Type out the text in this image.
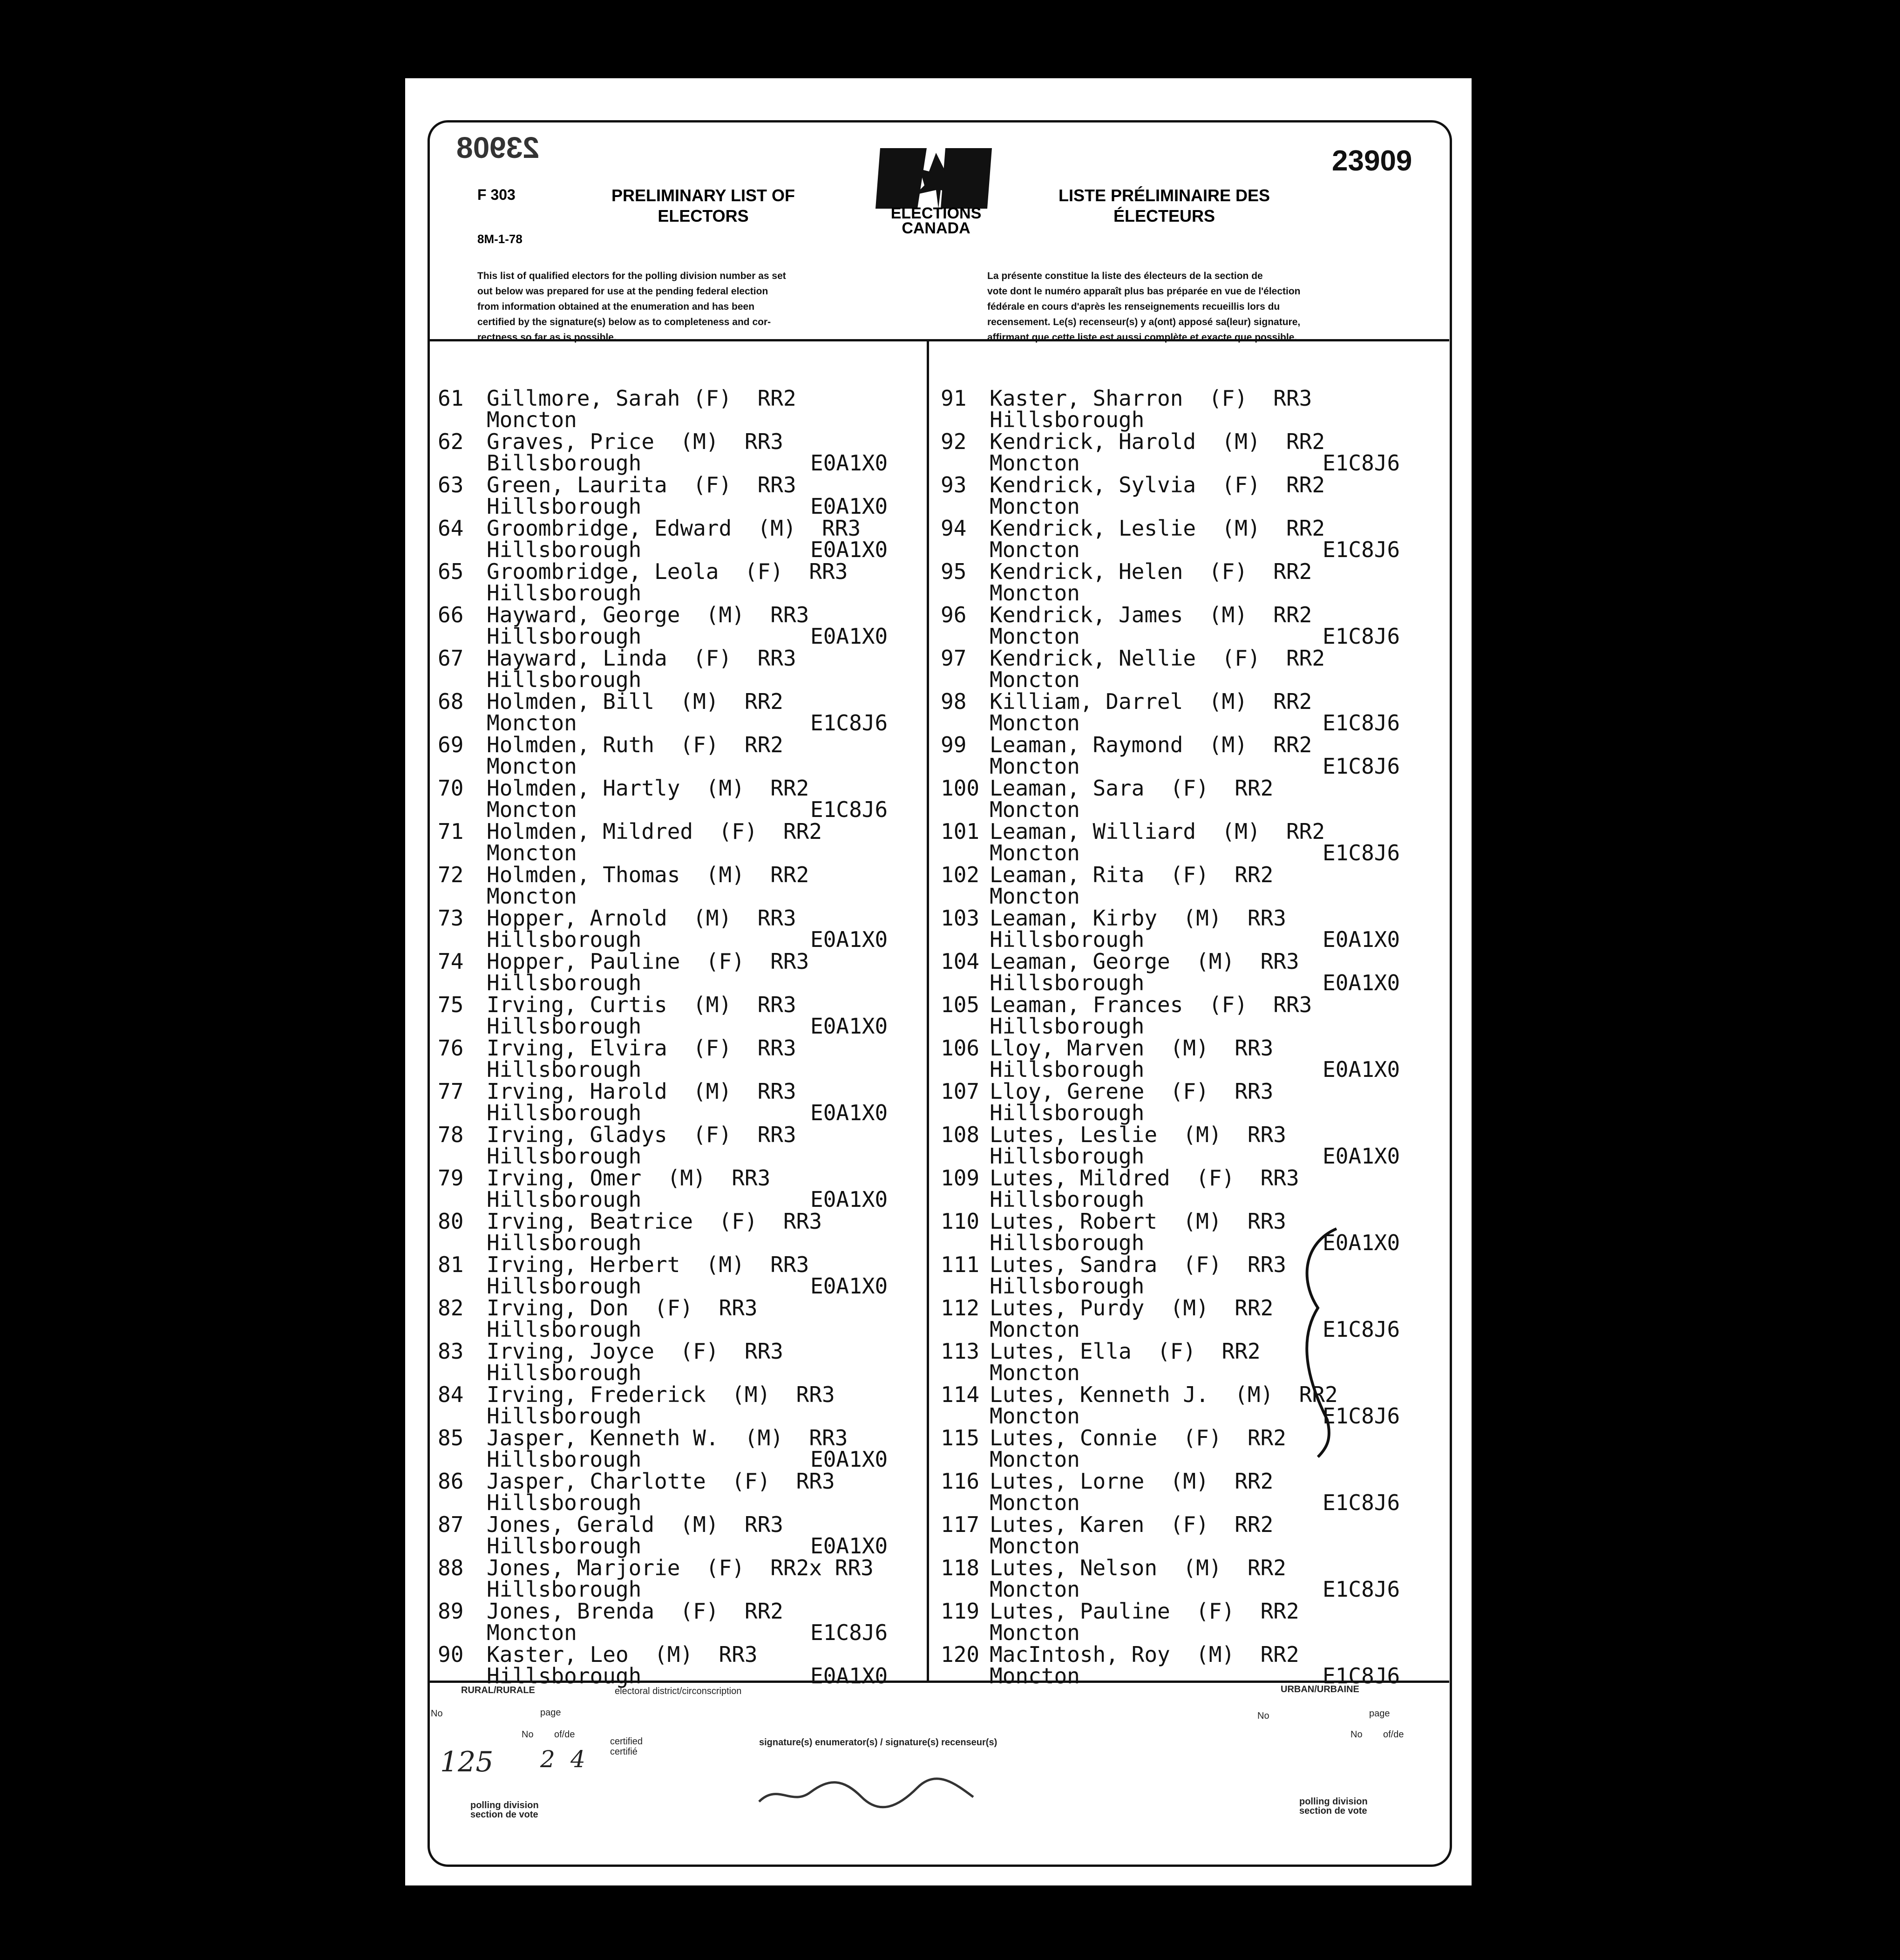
23908	23909
F 303
8M-1-78
PRELIMINARY LIST OF
ELECTORS
LISTE PRÉLIMINAIRE DES
ÉLECTEURS
ELECTIONS
CANADA
This list of qualified electors for the polling division number as set
out below was prepared for use at the pending federal election
from information obtained at the enumeration and has been
certified by the signature(s) below as to completeness and cor-
rectness so far as is possible.
La présente constitue la liste des électeurs de la section de
vote dont le numéro apparaît plus bas préparée en vue de l'élection
fédérale en cours d'après les renseignements recueillis lors du
recensement. Le(s) recenseur(s) y a(ont) apposé sa(leur) signature,
affirmant que cette liste est aussi complète et exacte que possible.
61	Gillmore, Sarah (F)  RR2
Moncton
62	Graves, Price  (M)  RR3
Billsborough	E0A1X0
63	Green, Laurita  (F)  RR3
Hillsborough	E0A1X0
64	Groombridge, Edward  (M)  RR3
Hillsborough	E0A1X0
65	Groombridge, Leola  (F)  RR3
Hillsborough
66	Hayward, George  (M)  RR3
Hillsborough	E0A1X0
67	Hayward, Linda  (F)  RR3
Hillsborough
68	Holmden, Bill  (M)  RR2
Moncton	E1C8J6
69	Holmden, Ruth  (F)  RR2
Moncton
70	Holmden, Hartly  (M)  RR2
Moncton	E1C8J6
71	Holmden, Mildred  (F)  RR2
Moncton
72	Holmden, Thomas  (M)  RR2
Moncton
73	Hopper, Arnold  (M)  RR3
Hillsborough	E0A1X0
74	Hopper, Pauline  (F)  RR3
Hillsborough
75	Irving, Curtis  (M)  RR3
Hillsborough	E0A1X0
76	Irving, Elvira  (F)  RR3
Hillsborough
77	Irving, Harold  (M)  RR3
Hillsborough	E0A1X0
78	Irving, Gladys  (F)  RR3
Hillsborough
79	Irving, Omer  (M)  RR3
Hillsborough	E0A1X0
80	Irving, Beatrice  (F)  RR3
Hillsborough
81	Irving, Herbert  (M)  RR3
Hillsborough	E0A1X0
82	Irving, Don  (F)  RR3
Hillsborough
83	Irving, Joyce  (F)  RR3
Hillsborough
84	Irving, Frederick  (M)  RR3
Hillsborough
85	Jasper, Kenneth W.  (M)  RR3
Hillsborough	E0A1X0
86	Jasper, Charlotte  (F)  RR3
Hillsborough
87	Jones, Gerald  (M)  RR3
Hillsborough	E0A1X0
88	Jones, Marjorie  (F)  RR2x RR3
Hillsborough
89	Jones, Brenda  (F)  RR2
Moncton	E1C8J6
90	Kaster, Leo  (M)  RR3
Hillsborough	E0A1X0
91	Kaster, Sharron  (F)  RR3
Hillsborough
92	Kendrick, Harold  (M)  RR2
Moncton	E1C8J6
93	Kendrick, Sylvia  (F)  RR2
Moncton
94	Kendrick, Leslie  (M)  RR2
Moncton	E1C8J6
95	Kendrick, Helen  (F)  RR2
Moncton
96	Kendrick, James  (M)  RR2
Moncton	E1C8J6
97	Kendrick, Nellie  (F)  RR2
Moncton
98	Killiam, Darrel  (M)  RR2
Moncton	E1C8J6
99	Leaman, Raymond  (M)  RR2
Moncton	E1C8J6
100 Leaman, Sara  (F)  RR2
Moncton
101 Leaman, Williard  (M)  RR2
Moncton	E1C8J6
102 Leaman, Rita  (F)  RR2
Moncton
103 Leaman, Kirby  (M)  RR3
Hillsborough	E0A1X0
104 Leaman, George  (M)  RR3
Hillsborough	E0A1X0
105 Leaman, Frances  (F)  RR3
Hillsborough
106 Lloy, Marven  (M)  RR3
Hillsborough	E0A1X0
107 Lloy, Gerene  (F)  RR3
Hillsborough
108 Lutes, Leslie  (M)  RR3
Hillsborough	E0A1X0
109 Lutes, Mildred  (F)  RR3
Hillsborough
110 Lutes, Robert  (M)  RR3
Hillsborough	E0A1X0
111 Lutes, Sandra  (F)  RR3
Hillsborough
112 Lutes, Purdy  (M)  RR2
Moncton	E1C8J6
113 Lutes, Ella  (F)  RR2
Moncton
114 Lutes, Kenneth J.  (M)  RR2
Moncton	E1C8J6
115 Lutes, Connie  (F)  RR2
Moncton
116 Lutes, Lorne  (M)  RR2
Moncton	E1C8J6
117 Lutes, Karen  (F)  RR2
Moncton
118 Lutes, Nelson  (M)  RR2
Moncton	E1C8J6
119 Lutes, Pauline  (F)  RR2
Moncton
120 MacIntosh, Roy  (M)  RR2
Moncton	E1C8J6
RURAL/RURALE	electoral district/circonscription	URBAN/URBAINE
No	page
No of/de
certified
certifié
signature(s) enumerator(s) / signature(s) recenseur(s)
polling division
section de vote
No	page
No of/de
polling division
section de vote
125 2 4
